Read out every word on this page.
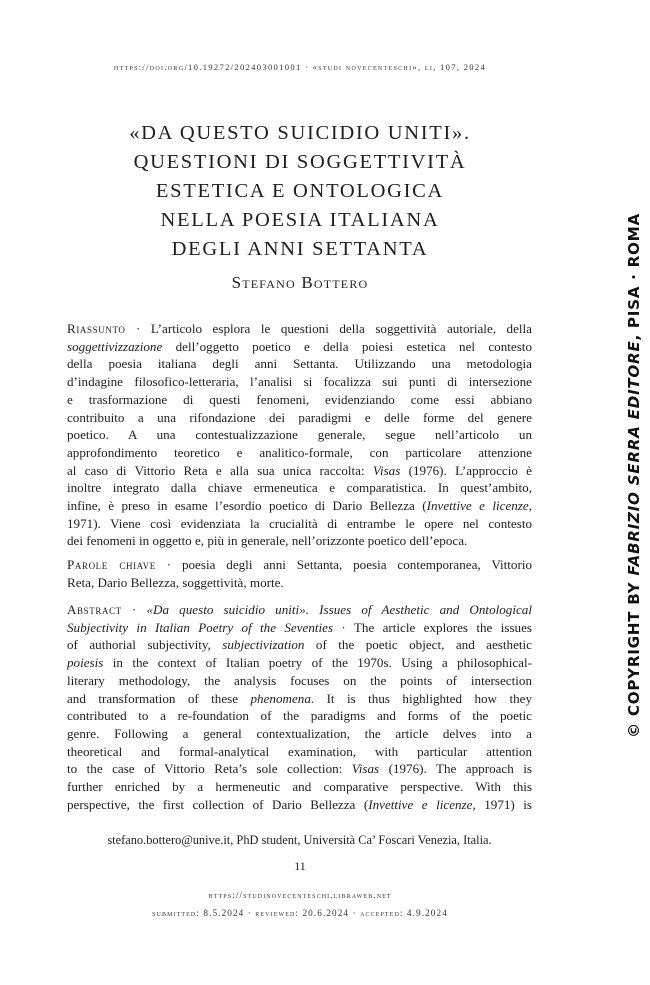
https://doi.org/10.19272/202403001001 · «studi novecenteschi», li, 107, 2024
«DA QUESTO SUICIDIO UNITI».
QUESTIONI DI SOGGETTIVITÀ
ESTETICA E ONTOLOGICA
NELLA POESIA ITALIANA
DEGLI ANNI SETTANTA
Stefano Bottero
Riassunto · L’articolo esplora le questioni della soggettività autoriale, della
soggettivizzazione dell’oggetto poetico e della poiesi estetica nel contesto
della poesia italiana degli anni Settanta. Utilizzando una metodologia
d’indagine filosofico-letteraria, l’analisi si focalizza sui punti di intersezione
e trasformazione di questi fenomeni, evidenziando come essi abbiano
contribuito a una rifondazione dei paradigmi e delle forme del genere
poetico. A una contestualizzazione generale, segue nell’articolo un
approfondimento teoretico e analitico-formale, con particolare attenzione
al caso di Vittorio Reta e alla sua unica raccolta: Visas (1976). L’approccio è
inoltre integrato dalla chiave ermeneutica e comparatistica. In quest’ambito,
infine, è preso in esame l’esordio poetico di Dario Bellezza (Invettive e licenze,
1971). Viene così evidenziata la crucialità di entrambe le opere nel contesto
dei fenomeni in oggetto e, più in generale, nell’orizzonte poetico dell’epoca.
Parole chiave · poesia degli anni Settanta, poesia contemporanea, Vittorio
Reta, Dario Bellezza, soggettività, morte.
Abstract · «Da questo suicidio uniti». Issues of Aesthetic and Ontological
Subjectivity in Italian Poetry of the Seventies · The article explores the issues
of authorial subjectivity, subjectivization of the poetic object, and aesthetic
poiesis in the context of Italian poetry of the 1970s. Using a philosophical-
literary methodology, the analysis focuses on the points of intersection
and transformation of these phenomena. It is thus highlighted how they
contributed to a re-foundation of the paradigms and forms of the poetic
genre. Following a general contextualization, the article delves into a
theoretical and formal-analytical examination, with particular attention
to the case of Vittorio Reta’s sole collection: Visas (1976). The approach is
further enriched by a hermeneutic and comparative perspective. With this
perspective, the first collection of Dario Bellezza (Invettive e licenze, 1971) is
stefano.bottero@unive.it, PhD student, Università Ca’ Foscari Venezia, Italia.
11
https://studinovecenteschi.libraweb.net
submitted: 8.5.2024 · reviewed: 20.6.2024 · accepted: 4.9.2024
© COPYRIGHT BY FABRIZIO SERRA EDITORE, PISA · ROMA
